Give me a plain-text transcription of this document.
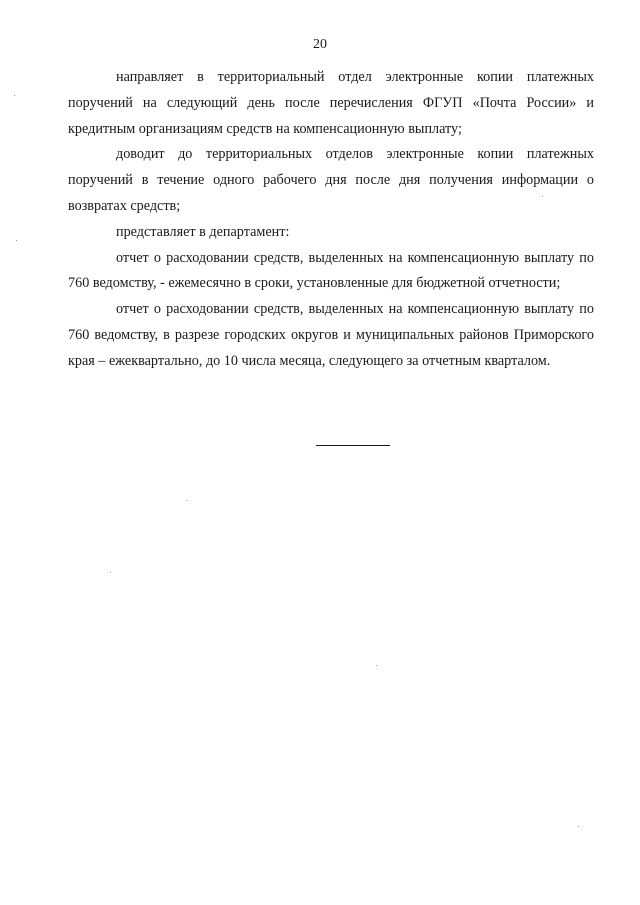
20

направляет в территориальный отдел электронные копии платежных поручений на следующий день после перечисления ФГУП «Почта России» и кредитным организациям средств на компенсационную выплату;

доводит до территориальных отделов электронные копии платежных поручений в течение одного рабочего дня после дня получения информации о возвратах средств;

представляет в департамент:

отчет о расходовании средств, выделенных на компенсационную выплату по 760 ведомству, - ежемесячно в сроки, установленные для бюджетной отчетности;

отчет о расходовании средств, выделенных на компенсационную выплату по 760 ведомству, в разрезе городских округов и муниципальных районов Приморского края – ежеквартально, до 10 числа месяца, следующего за отчетным кварталом.
